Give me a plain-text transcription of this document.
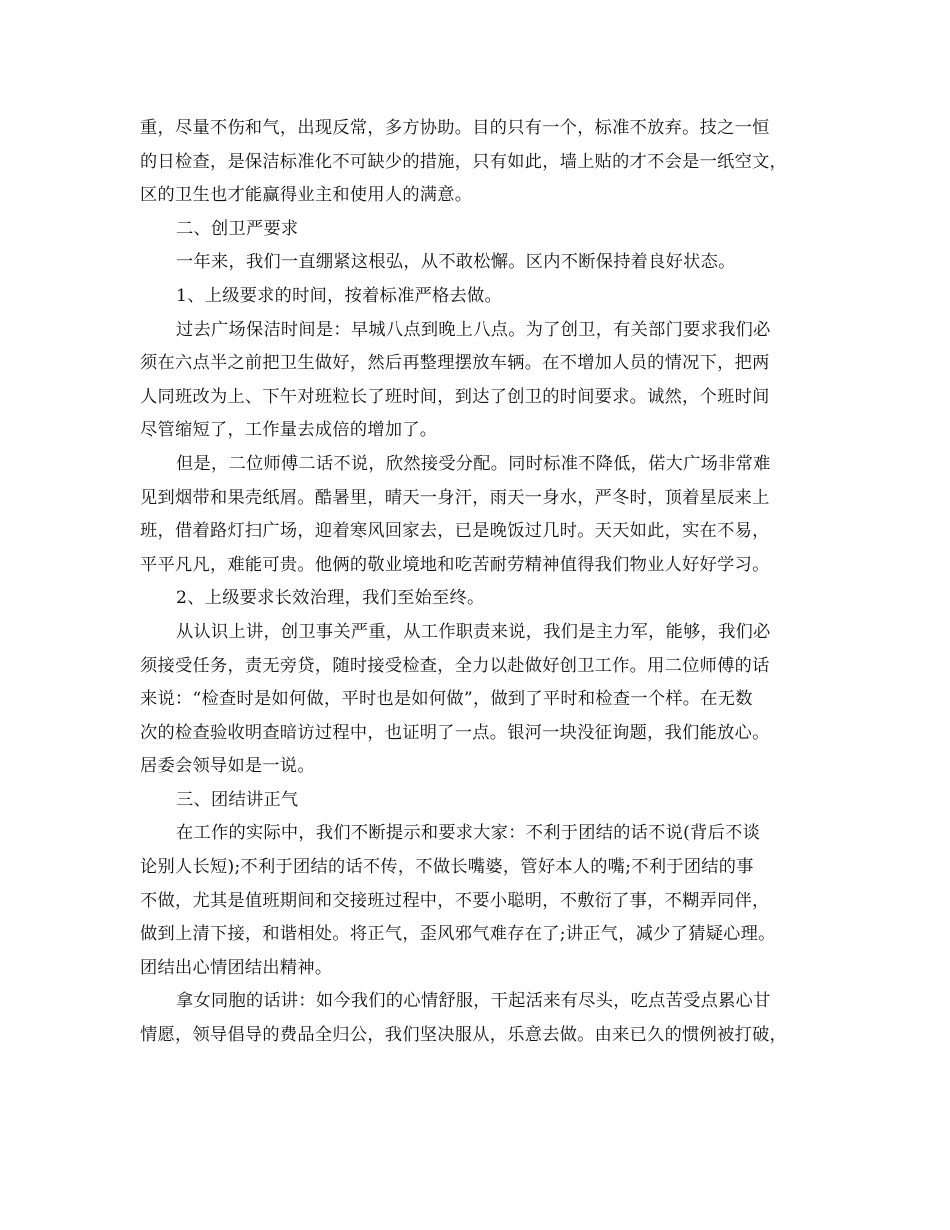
重，尽量不伤和气，出现反常，多方协助。目的只有一个，标准不放弃。技之一恒
的日检查，是保洁标准化不可缺少的措施，只有如此，墙上贴的才不会是一纸空文，
区的卫生也才能赢得业主和使用人的满意。
二、创卫严要求
一年来，我们一直绷紧这根弘，从不敢松懈。区内不断保持着良好状态。
1、上级要求的时间，按着标准严格去做。
过去广场保洁时间是：早城八点到晚上八点。为了创卫，有关部门要求我们必
须在六点半之前把卫生做好，然后再整理摆放车辆。在不增加人员的情况下，把两
人同班改为上、下午对班粒长了班时间，到达了创卫的时间要求。诚然，个班时间
尽管缩短了，工作量去成倍的增加了。
但是，二位师傅二话不说，欣然接受分配。同时标准不降低，偌大广场非常难
见到烟带和果壳纸屑。酷暑里，晴天一身汗，雨天一身水，严冬时，顶着星辰来上
班，借着路灯扫广场，迎着寒风回家去，已是晚饭过几时。天天如此，实在不易，
平平凡凡，难能可贵。他俩的敬业境地和吃苦耐劳精神值得我们物业人好好学习。
2、上级要求长效治理，我们至始至终。
从认识上讲，创卫事关严重，从工作职责来说，我们是主力军，能够，我们必
须接受任务，责无旁贷，随时接受检查，全力以赴做好创卫工作。用二位师傅的话
来说：“检查时是如何做，平时也是如何做”，做到了平时和检查一个样。在无数
次的检查验收明查暗访过程中，也证明了一点。银河一块没征询题，我们能放心。
居委会领导如是一说。
三、团结讲正气
在工作的实际中，我们不断提示和要求大家：不利于团结的话不说(背后不谈
论别人长短);不利于团结的话不传，不做长嘴婆，管好本人的嘴;不利于团结的事
不做，尤其是值班期间和交接班过程中，不要小聪明，不敷衍了事，不糊弄同伴，
做到上清下接，和谐相处。将正气，歪风邪气难存在了;讲正气，减少了猜疑心理。
团结出心情团结出精神。
拿女同胞的话讲：如今我们的心情舒服，干起活来有尽头，吃点苦受点累心甘
情愿，领导倡导的费品全归公，我们坚决服从，乐意去做。由来已久的惯例被打破，
